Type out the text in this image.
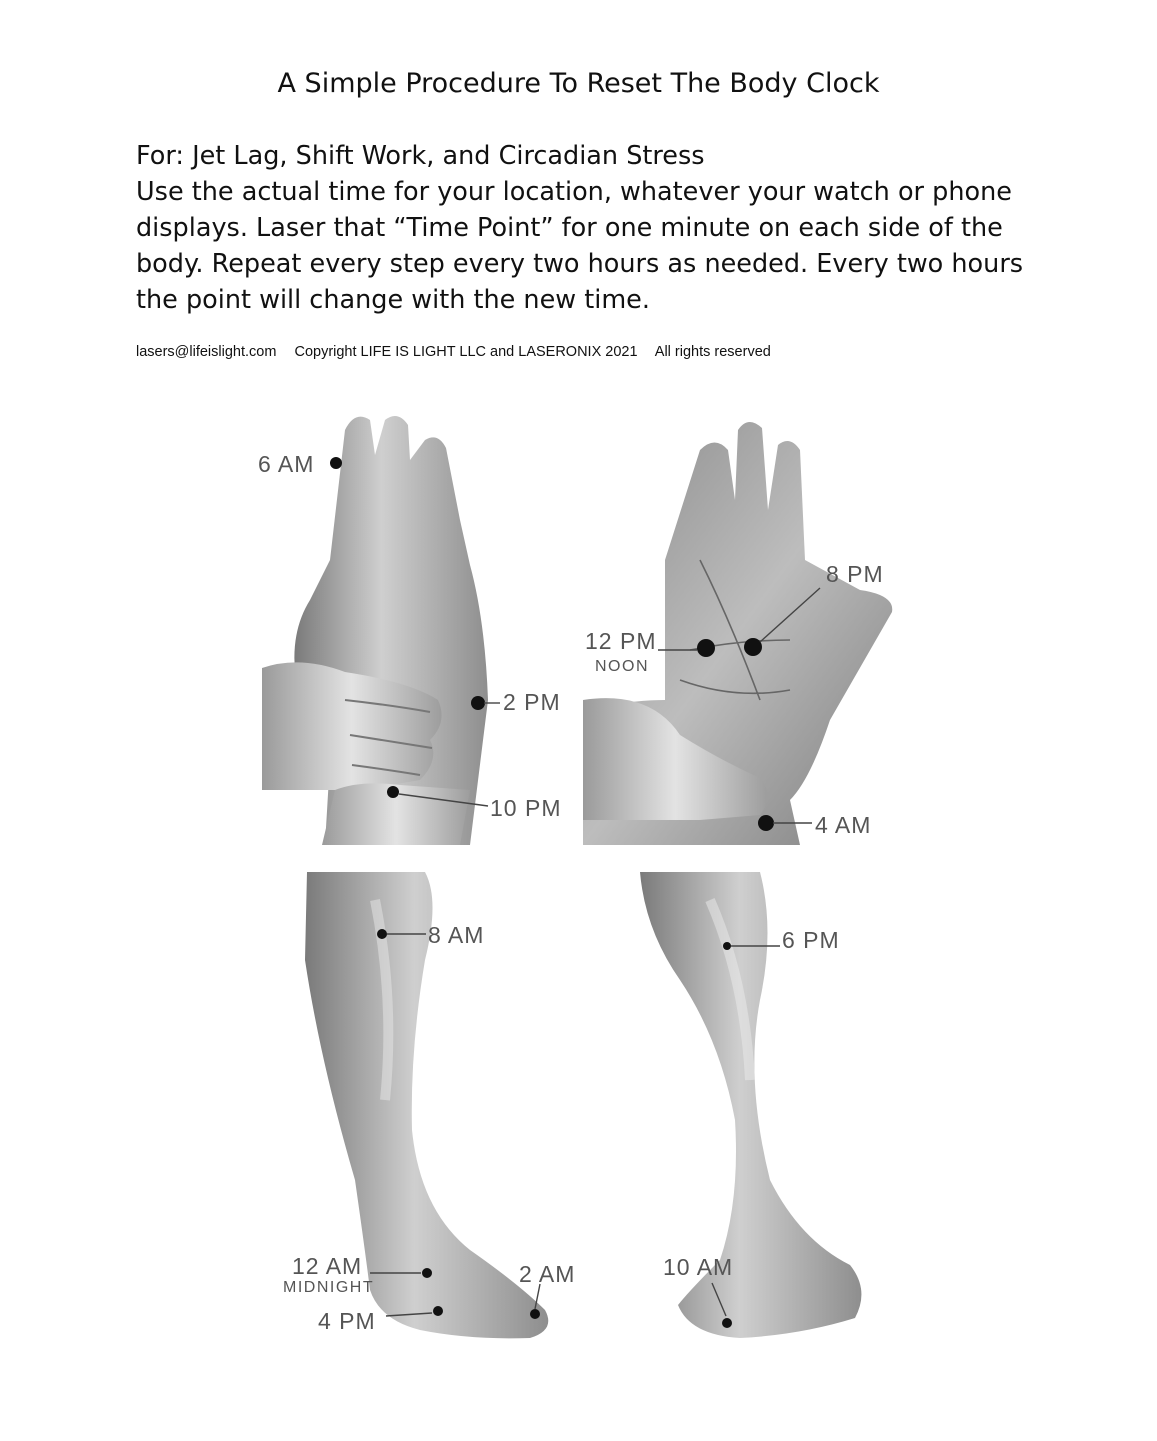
A Simple Procedure To Reset The Body Clock

For: Jet Lag, Shift Work, and Circadian Stress

Use the actual time for your location, whatever your watch or phone displays. Laser that “Time Point” for one minute on each side of the body. Repeat every step every two hours as needed. Every two hours the point will change with the new time.

lasers@lifeislight.com Copyright LIFE IS LIGHT LLC and LASERONIX 2021 All rights reserved
6 AM
2 PM
10 PM
8 PM
12 PM
NOON
4 AM
8 AM	6 PM
12 AM
MIDNIGHT
2 AM
4 PM
10 AM
